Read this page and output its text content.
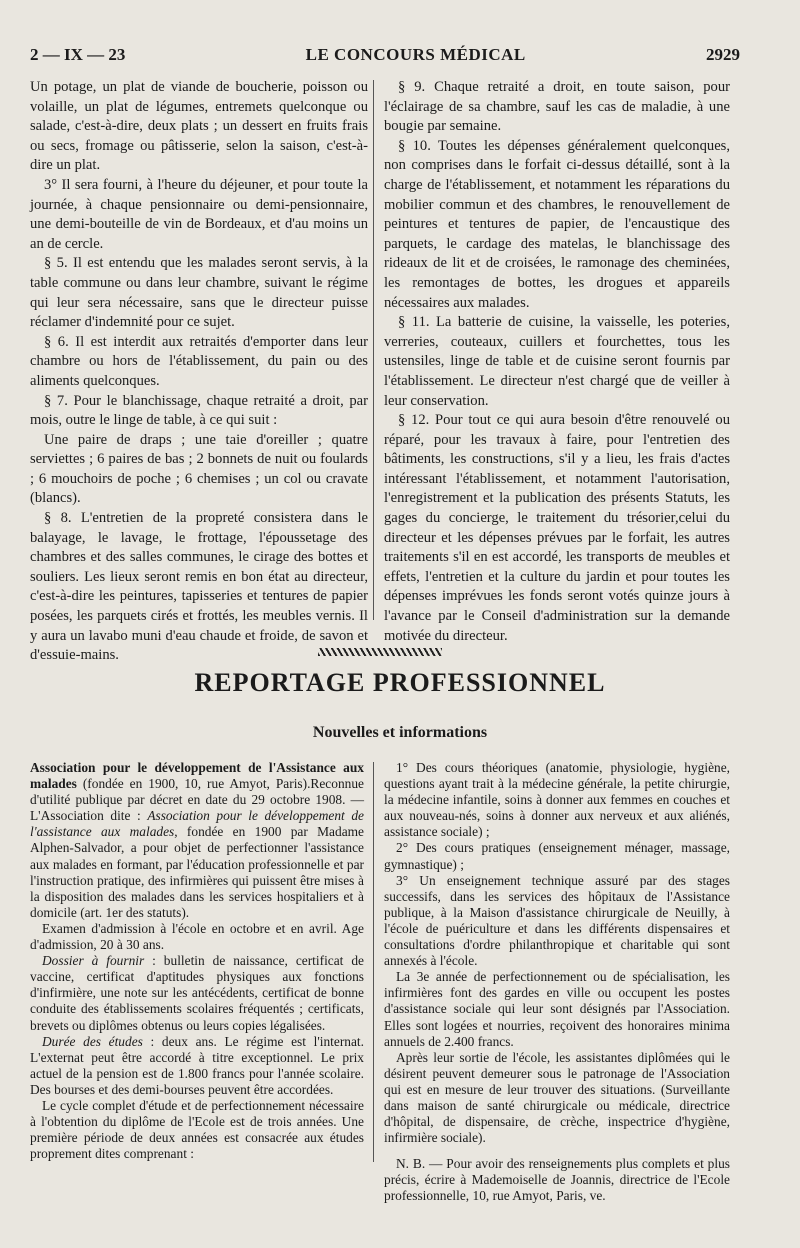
2 — IX — 23	LE CONCOURS MÉDICAL	2929

Un potage, un plat de viande de boucherie, poisson ou volaille, un plat de légumes, entremets quelconque ou salade, c'est-à-dire, deux plats ; un dessert en fruits frais ou secs, fromage ou pâtisserie, selon la saison, c'est-à-dire un plat.

3° Il sera fourni, à l'heure du déjeuner, et pour toute la journée, à chaque pensionnaire ou demi-pensionnaire, une demi-bouteille de vin de Bordeaux, et d'au moins un an de cercle.

§ 5. Il est entendu que les malades seront servis, à la table commune ou dans leur chambre, suivant le régime qui leur sera nécessaire, sans que le directeur puisse réclamer d'indemnité pour ce sujet.

§ 6. Il est interdit aux retraités d'emporter dans leur chambre ou hors de l'établissement, du pain ou des aliments quelconques.

§ 7. Pour le blanchissage, chaque retraité a droit, par mois, outre le linge de table, à ce qui suit :

Une paire de draps ; une taie d'oreiller ; quatre serviettes ; 6 paires de bas ; 2 bonnets de nuit ou foulards ; 6 mouchoirs de poche ; 6 chemises ; un col ou cravate (blancs).

§ 8. L'entretien de la propreté consistera dans le balayage, le lavage, le frottage, l'époussetage des chambres et des salles communes, le cirage des bottes et souliers. Les lieux seront remis en bon état au directeur, c'est-à-dire les peintures, tapisseries et tentures de papier posées, les parquets cirés et frottés, les meubles vernis. Il y aura un lavabo muni d'eau chaude et froide, de savon et d'essuie-mains.

§ 9. Chaque retraité a droit, en toute saison, pour l'éclairage de sa chambre, sauf les cas de maladie, à une bougie par semaine.

§ 10. Toutes les dépenses généralement quelconques, non comprises dans le forfait ci-dessus détaillé, sont à la charge de l'établissement, et notamment les réparations du mobilier commun et des chambres, le renouvellement de peintures et tentures de papier, de l'encaustique des parquets, le cardage des matelas, le blanchissage des rideaux de lit et de croisées, le ramonage des cheminées, les remontages de bottes, les drogues et appareils nécessaires aux malades.

§ 11. La batterie de cuisine, la vaisselle, les poteries, verreries, couteaux, cuillers et fourchettes, tous les ustensiles, linge de table et de cuisine seront fournis par l'établissement. Le directeur n'est chargé que de veiller à leur conservation.

§ 12. Pour tout ce qui aura besoin d'être renouvelé ou réparé, pour les travaux à faire, pour l'entretien des bâtiments, les constructions, s'il y a lieu, les frais d'actes intéressant l'établissement, et notamment l'autorisation, l'enregistrement et la publication des présents Statuts, les gages du concierge, le traitement du trésorier,celui du directeur et les dépenses prévues par le forfait, les autres traitements s'il en est accordé, les transports de meubles et effets, l'entretien et la culture du jardin et pour toutes les dépenses imprévues les fonds seront votés quinze jours à l'avance par le Conseil d'administration sur la demande motivée du directeur.

REPORTAGE PROFESSIONNEL
Nouvelles et informations

Association pour le développement de l'Assistance aux malades (fondée en 1900, 10, rue Amyot, Paris).Reconnue d'utilité publique par décret en date du 29 octobre 1908. — L'Association dite : Association pour le développement de l'assistance aux malades, fondée en 1900 par Madame Alphen-Salvador, a pour objet de perfectionner l'assistance aux malades en formant, par l'éducation professionnelle et par l'instruction pratique, des infirmières qui puissent être mises à la disposition des malades dans les services hospitaliers et à domicile (art. 1er des statuts).

Examen d'admission à l'école en octobre et en avril. Age d'admission, 20 à 30 ans.

Dossier à fournir : bulletin de naissance, certificat de vaccine, certificat d'aptitudes physiques aux fonctions d'infirmière, une note sur les antécédents, certificat de bonne conduite des établissements scolaires fréquentés ; certificats, brevets ou diplômes obtenus ou leurs copies légalisées.

Durée des études : deux ans. Le régime est l'internat. L'externat peut être accordé à titre exceptionnel. Le prix actuel de la pension est de 1.800 francs pour l'année scolaire. Des bourses et des demi-bourses peuvent être accordées.

Le cycle complet d'étude et de perfectionnement nécessaire à l'obtention du diplôme de l'Ecole est de trois années. Une première période de deux années est consacrée aux études proprement dites comprenant :

1° Des cours théoriques (anatomie, physiologie, hygiène, questions ayant trait à la médecine générale, la petite chirurgie, la médecine infantile, soins à donner aux femmes en couches et aux nouveau-nés, soins à donner aux nerveux et aux aliénés, assistance sociale) ;

2° Des cours pratiques (enseignement ménager, massage, gymnastique) ;

3° Un enseignement technique assuré par des stages successifs, dans les services des hôpitaux de l'Assistance publique, à la Maison d'assistance chirurgicale de Neuilly, à l'école de puériculture et dans les différents dispensaires et consultations d'ordre philanthropique et charitable qui sont annexés à l'école.

La 3e année de perfectionnement ou de spécialisation, les infirmières font des gardes en ville ou occupent les postes d'assistance sociale qui leur sont désignés par l'Association. Elles sont logées et nourries, reçoivent des honoraires minima annuels de 2.400 francs.

Après leur sortie de l'école, les assistantes diplômées qui le désirent peuvent demeurer sous le patronage de l'Association qui est en mesure de leur trouver des situations. (Surveillante dans maison de santé chirurgicale ou médicale, directrice d'hôpital, de dispensaire, de crèche, inspectrice d'hygiène, infirmière sociale).

N. B. — Pour avoir des renseignements plus complets et plus précis, écrire à Mademoiselle de Joannis, directrice de l'Ecole professionnelle, 10, rue Amyot, Paris, ve.
